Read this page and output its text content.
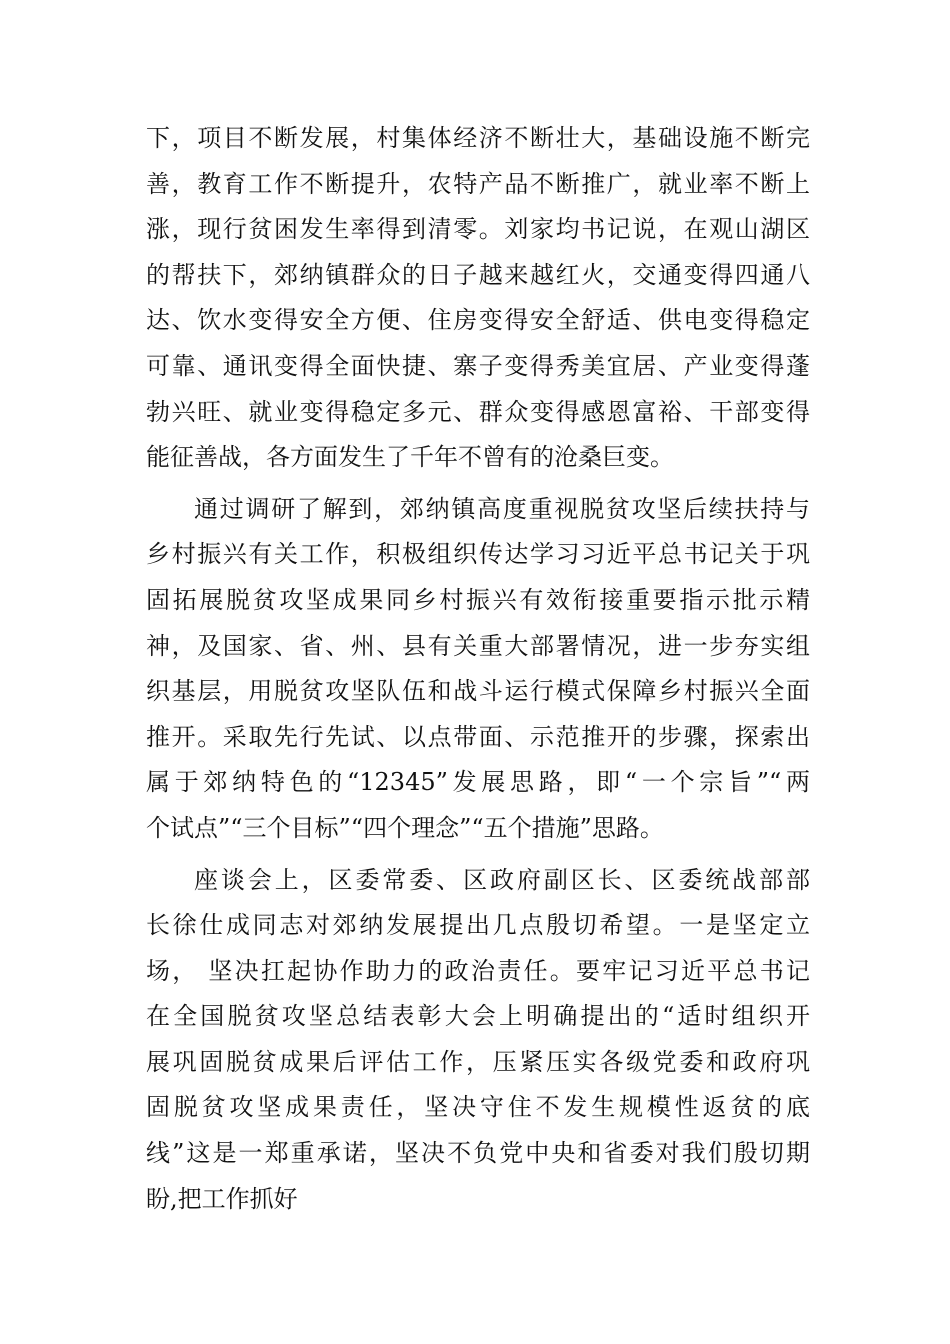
下，项目不断发展，村集体经济不断壮大，基础设施不断完
善，教育工作不断提升，农特产品不断推广，就业率不断上
涨，现行贫困发生率得到清零。刘家均书记说，在观山湖区
的帮扶下，郊纳镇群众的日子越来越红火，交通变得四通八
达、饮水变得安全方便、住房变得安全舒适、供电变得稳定
可靠、通讯变得全面快捷、寨子变得秀美宜居、产业变得蓬
勃兴旺、就业变得稳定多元、群众变得感恩富裕、干部变得
能征善战，各方面发生了千年不曾有的沧桑巨变。
通过调研了解到，郊纳镇高度重视脱贫攻坚后续扶持与
乡村振兴有关工作，积极组织传达学习习近平总书记关于巩
固拓展脱贫攻坚成果同乡村振兴有效衔接重要指示批示精
神，及国家、省、州、县有关重大部署情况，进一步夯实组
织基层，用脱贫攻坚队伍和战斗运行模式保障乡村振兴全面
推开。采取先行先试、以点带面、示范推开的步骤，探索出
属于郊纳特色的“12345”发展思路，即“一个宗旨”“两
个试点”“三个目标”“四个理念”“五个措施”思路。
座谈会上，区委常委、区政府副区长、区委统战部部
长徐仕成同志对郊纳发展提出几点殷切希望。一是坚定立
场， 坚决扛起协作助力的政治责任。要牢记习近平总书记
在全国脱贫攻坚总结表彰大会上明确提出的“适时组织开
展巩固脱贫成果后评估工作，压紧压实各级党委和政府巩
固脱贫攻坚成果责任，坚决守住不发生规模性返贫的底
线”这是一郑重承诺，坚决不负党中央和省委对我们殷切期
盼,把工作抓好
